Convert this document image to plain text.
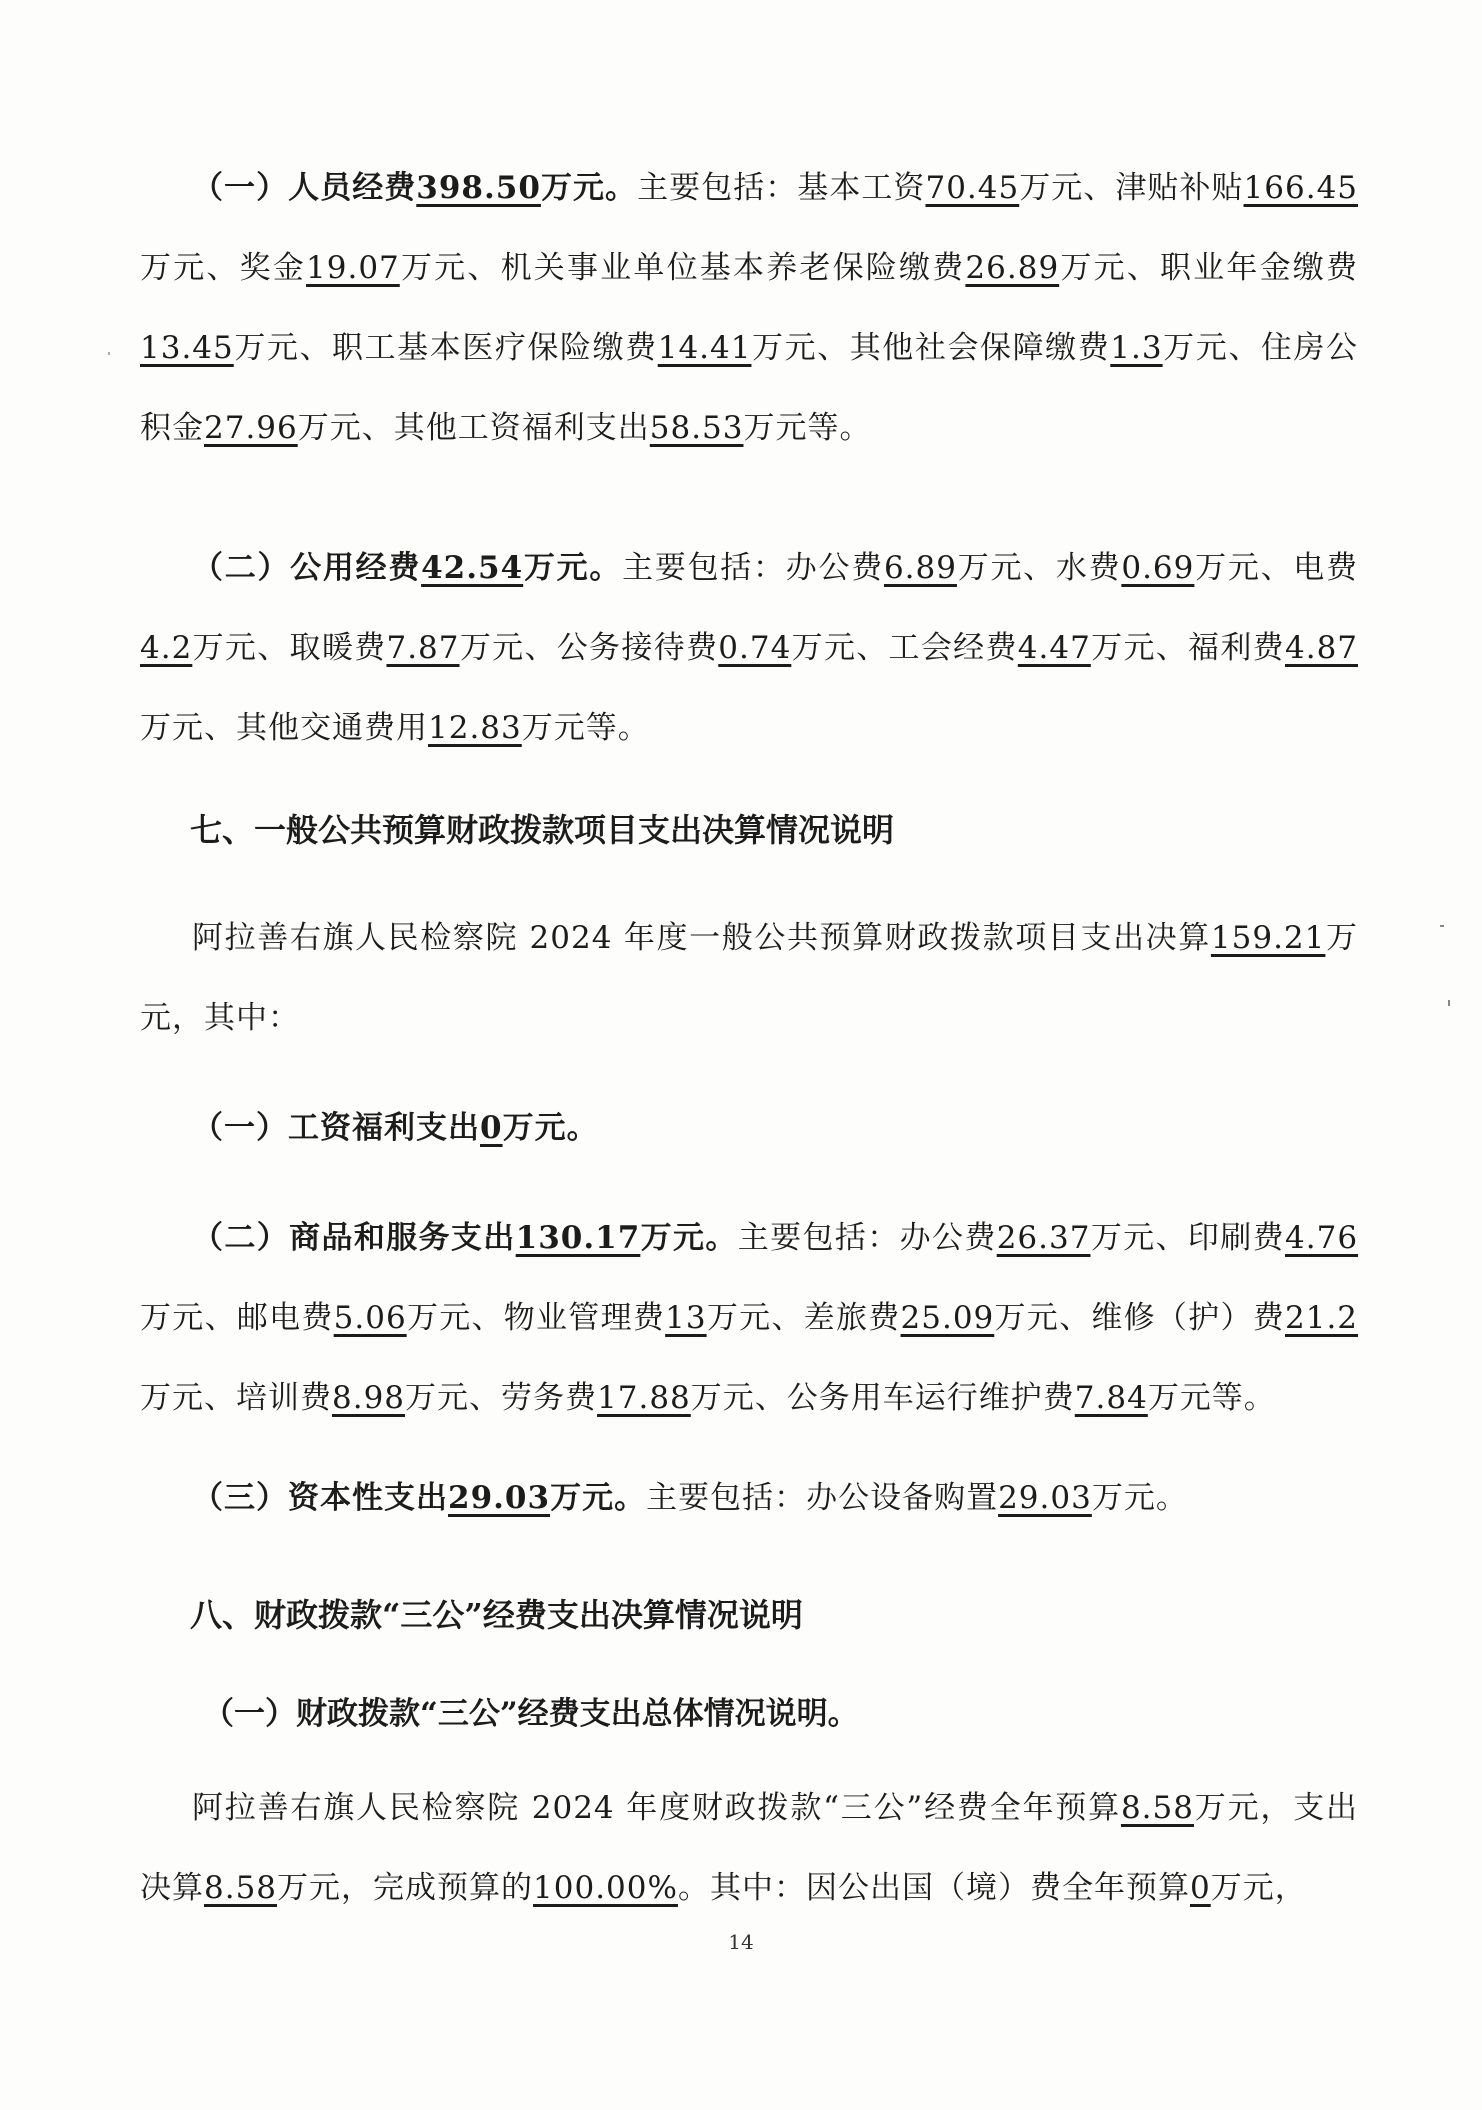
（一）人员经费398.50万元。主要包括：基本工资70.45万元、津贴补贴166.45万元、奖金19.07万元、机关事业单位基本养老保险缴费26.89万元、职业年金缴费13.45万元、职工基本医疗保险缴费14.41万元、其他社会保障缴费1.3万元、住房公积金27.96万元、其他工资福利支出58.53万元等。

（二）公用经费42.54万元。主要包括：办公费6.89万元、水费0.69万元、电费4.2万元、取暖费7.87万元、公务接待费0.74万元、工会经费4.47万元、福利费4.87万元、其他交通费用12.83万元等。

七、一般公共预算财政拨款项目支出决算情况说明

阿拉善右旗人民检察院 2024 年度一般公共预算财政拨款项目支出决算159.21万元，其中：

（一）工资福利支出0万元。

（二）商品和服务支出130.17万元。主要包括：办公费26.37万元、印刷费4.76万元、邮电费5.06万元、物业管理费13万元、差旅费25.09万元、维修（护）费21.2万元、培训费8.98万元、劳务费17.88万元、公务用车运行维护费7.84万元等。

（三）资本性支出29.03万元。主要包括：办公设备购置29.03万元。

八、财政拨款“三公”经费支出决算情况说明
（一）财政拨款“三公”经费支出总体情况说明。

阿拉善右旗人民检察院 2024 年度财政拨款“三公”经费全年预算8.58万元，支出决算8.58万元，完成预算的100.00%。其中：因公出国（境）费全年预算0万元，

14
